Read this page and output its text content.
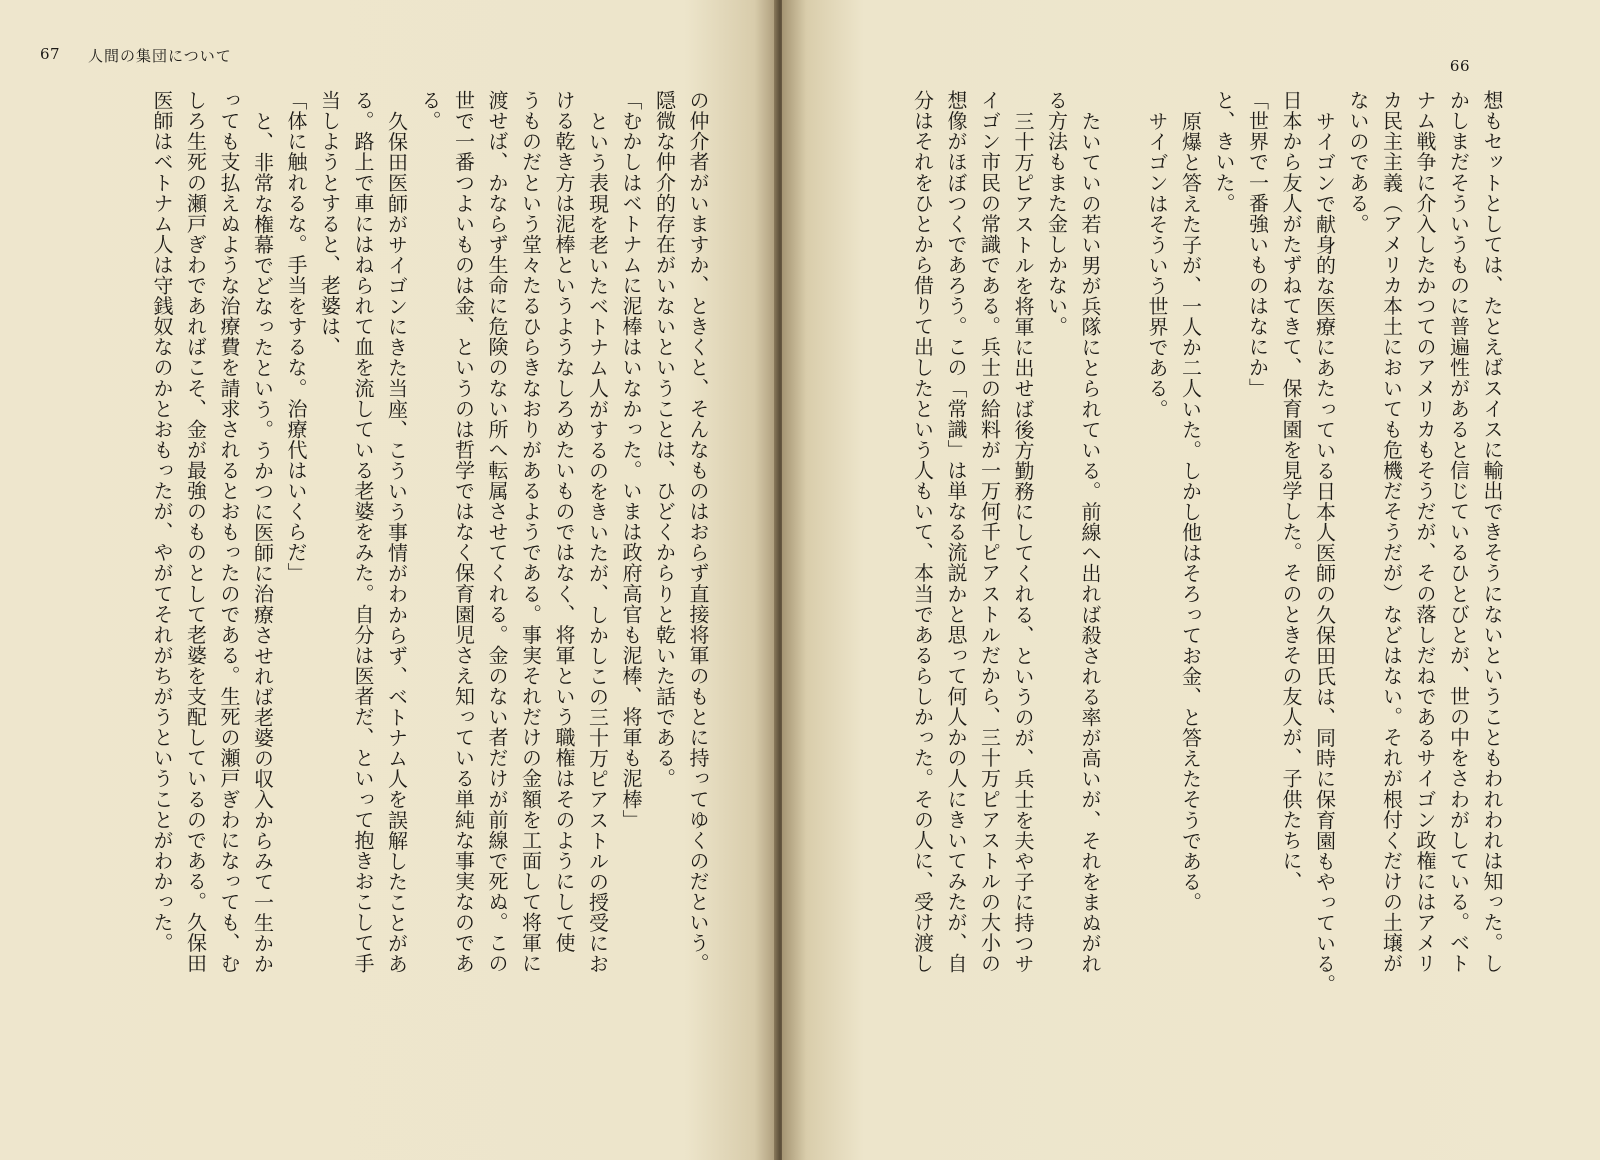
67 人間の集団について

の仲介者がいますか、ときくと、そんなものはおらず直接将軍のもとに持ってゆくのだという。

隠微な仲介的存在がいないということは、ひどくからりと乾いた話である。

「むかしはベトナムに泥棒はいなかった。いまは政府高官も泥棒、将軍も泥棒」

という表現を老いたベトナム人がするのをきいたが、しかしこの三十万ピアストルの授受にお

ける乾き方は泥棒というようなしろめたいものではなく、将軍という職権はそのようにして使

うものだという堂々たるひらきなおりがあるようである。事実それだけの金額を工面して将軍に

渡せば、かならず生命に危険のない所へ転属させてくれる。金のない者だけが前線で死ぬ。この

世で一番つよいものは金、というのは哲学ではなく保育園児さえ知っている単純な事実なのであ

る。

久保田医師がサイゴンにきた当座、こういう事情がわからず、ベトナム人を誤解したことがあ

る。路上で車にはねられて血を流している老婆をみた。自分は医者だ、といって抱きおこして手

当しようとすると、老婆は、

「体に触れるな。手当をするな。治療代はいくらだ」

と、非常な権幕でどなったという。うかつに医師に治療させれば老婆の収入からみて一生かか

っても支払えぬような治療費を請求されるとおもったのである。生死の瀬戸ぎわになっても、む

しろ生死の瀬戸ぎわであればこそ、金が最強のものとして老婆を支配しているのである。久保田

医師はベトナム人は守銭奴なのかとおもったが、やがてそれがちがうということがわかった。

66

想もセットとしては、たとえばスイスに輸出できそうにないということもわれわれは知った。し

かしまだそういうものに普遍性があると信じているひとびとが、世の中をさわがしている。ベト

ナム戦争に介入したかつてのアメリカもそうだが、その落しだねであるサイゴン政権にはアメリ

カ民主主義（アメリカ本土においても危機だそうだが）などはない。それが根付くだけの土壌が

ないのである。

サイゴンで献身的な医療にあたっている日本人医師の久保田氏は、同時に保育園もやっている。

日本から友人がたずねてきて、保育園を見学した。そのときその友人が、子供たちに、

「世界で一番強いものはなにか」

と、きいた。

原爆と答えた子が、一人か二人いた。しかし他はそろってお金、と答えたそうである。

サイゴンはそういう世界である。

たいていの若い男が兵隊にとられている。前線へ出れば殺される率が高いが、それをまぬがれ

る方法もまた金しかない。

三十万ピアストルを将軍に出せば後方勤務にしてくれる、というのが、兵士を夫や子に持つサ

イゴン市民の常識である。兵士の給料が一万何千ピアストルだから、三十万ピアストルの大小の

想像がほぼつくであろう。この「常識」は単なる流説かと思って何人かの人にきいてみたが、自

分はそれをひとから借りて出したという人もいて、本当であるらしかった。その人に、受け渡し
